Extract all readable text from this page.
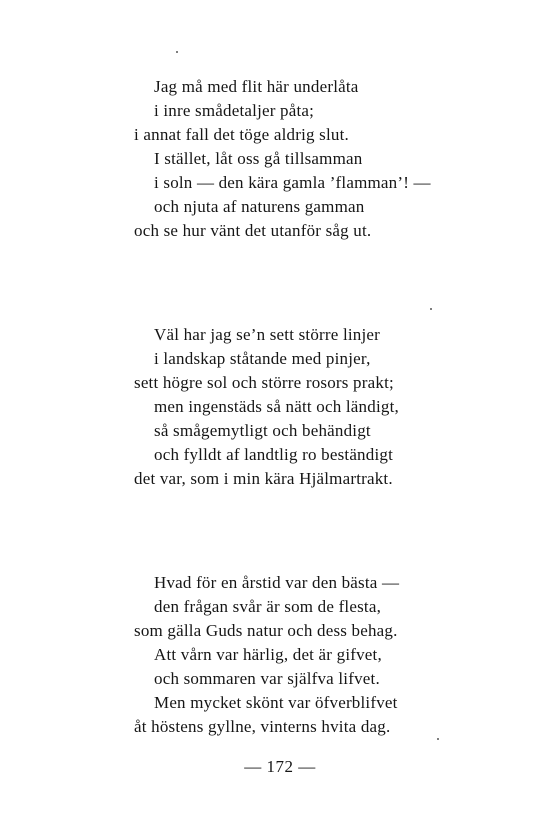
Jag må med flit här underlåta
i inre smådetaljer påta;
i annat fall det töge aldrig slut.
I stället, låt oss gå tillsamman
i soln — den kära gamla ’flamman’! —
och njuta af naturens gamman
och se hur vänt det utanför såg ut.
Väl har jag se’n sett större linjer
i landskap ståtande med pinjer,
sett högre sol och större rosors prakt;
men ingenstäds så nätt och ländigt,
så smågemytligt och behändigt
och fylldt af landtlig ro beständigt
det var, som i min kära Hjälmartrakt.
Hvad för en årstid var den bästa —
den frågan svår är som de flesta,
som gälla Guds natur och dess behag.
Att vårn var härlig, det är gifvet,
och sommaren var själfva lifvet.
Men mycket skönt var öfverblifvet
åt höstens gyllne, vinterns hvita dag.
— 172 —
